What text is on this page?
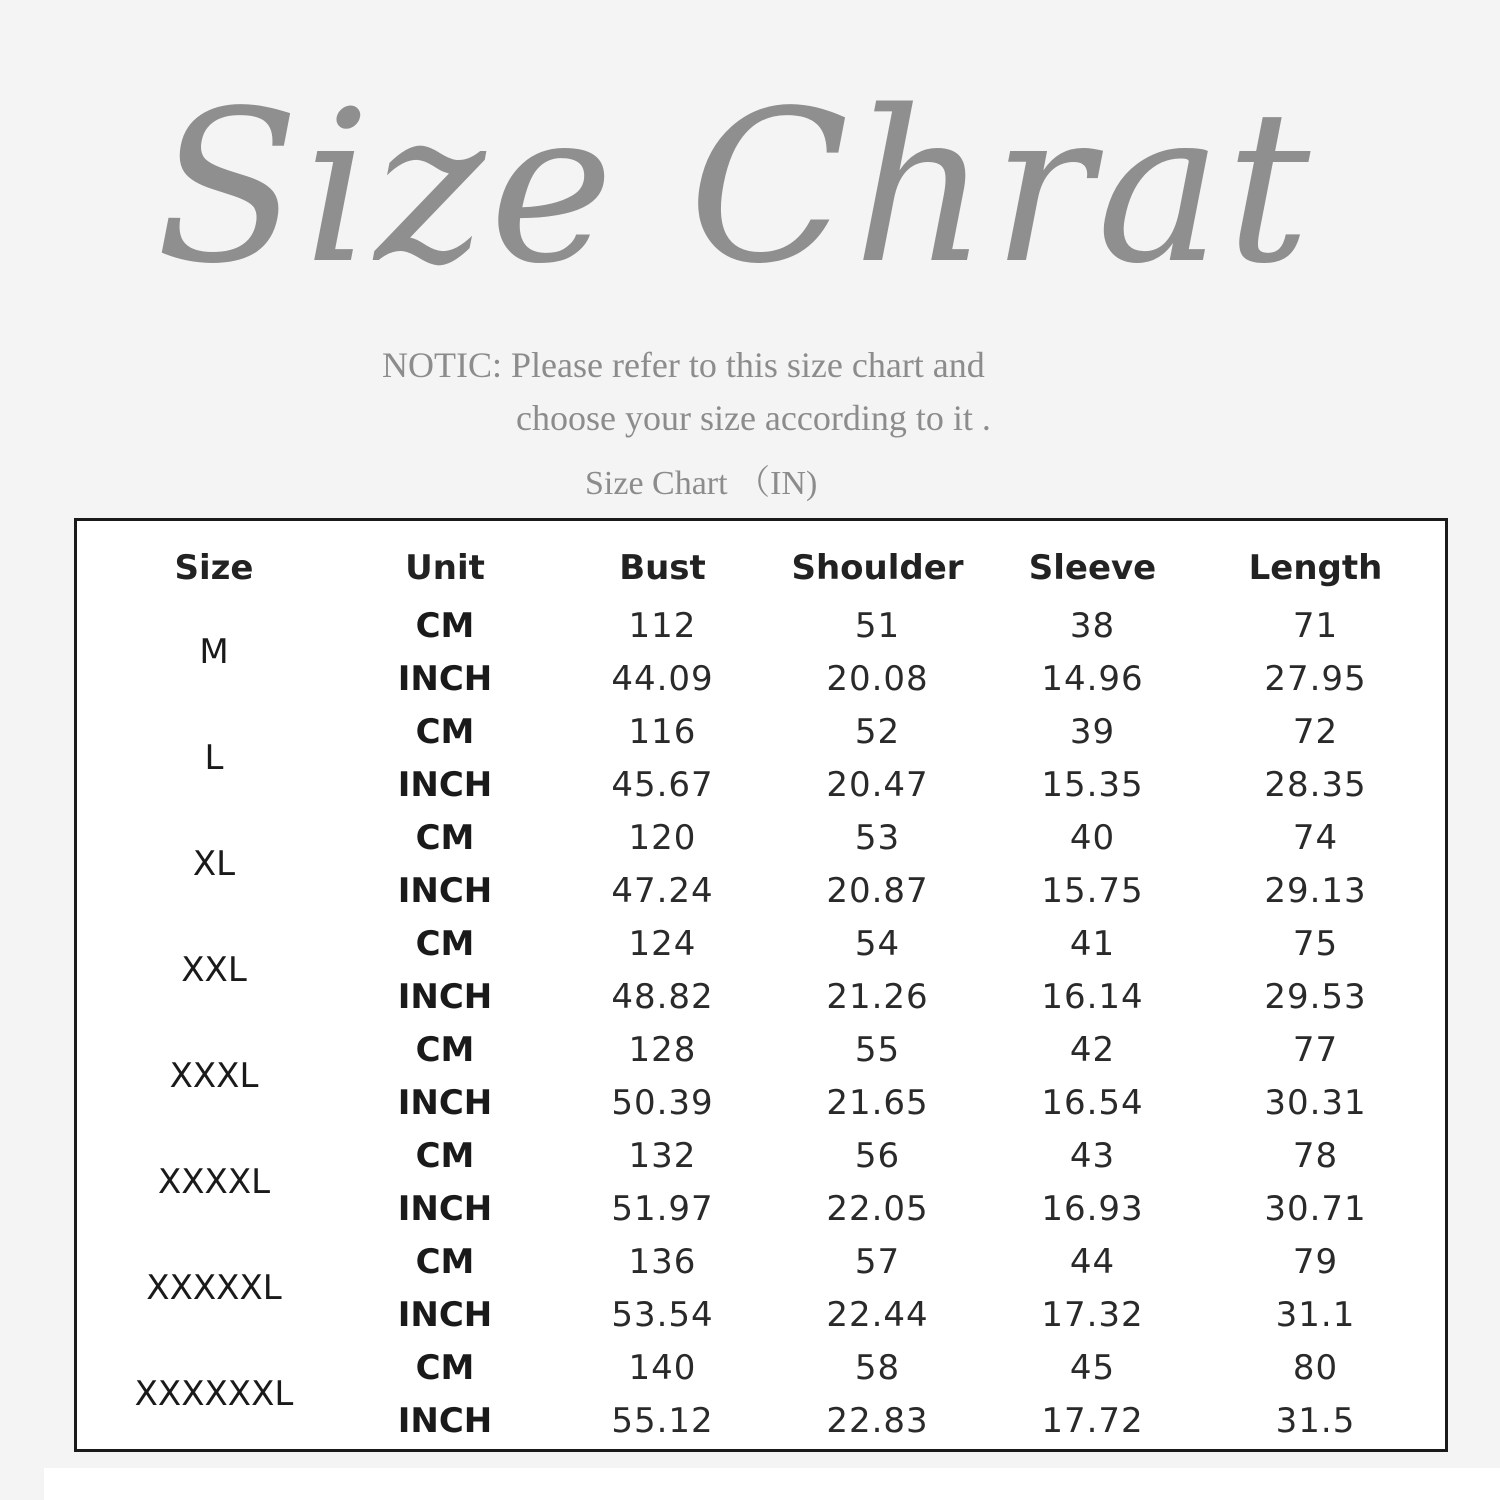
Size Chrat
NOTIC: Please refer to this size chart and
choose your size according to it .
Size Chart （IN)
Size	Unit	Bust	Shoulder	Sleeve	Length
M	CM	112	51	38	71
	INCH	44.09	20.08	14.96	27.95
L	CM	116	52	39	72
	INCH	45.67	20.47	15.35	28.35
XL	CM	120	53	40	74
	INCH	47.24	20.87	15.75	29.13
XXL	CM	124	54	41	75
	INCH	48.82	21.26	16.14	29.53
XXXL	CM	128	55	42	77
	INCH	50.39	21.65	16.54	30.31
XXXXL	CM	132	56	43	78
	INCH	51.97	22.05	16.93	30.71
XXXXXL	CM	136	57	44	79
	INCH	53.54	22.44	17.32	31.1
XXXXXXL	CM	140	58	45	80
	INCH	55.12	22.83	17.72	31.5
